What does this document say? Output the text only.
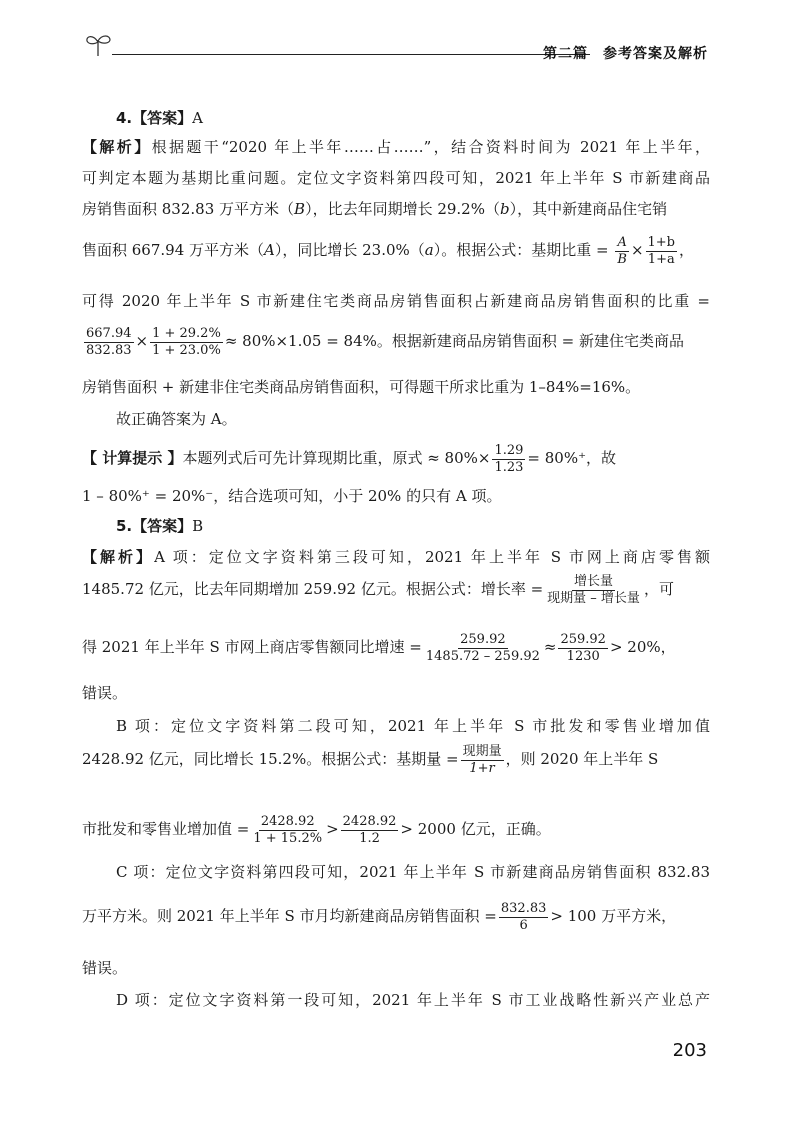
第二篇　参考答案及解析
4.【答案】A
【解析】根据题干“2020 年上半年……占……”，结合资料时间为 2021 年上半年，
可判定本题为基期比重问题。定位文字资料第四段可知，2021 年上半年 S 市新建商品
房销售面积 832.83 万平方米（B），比去年同期增长 29.2%（b），其中新建商品住宅销
售面积 667.94 万平方米（A），同比增长 23.0%（a）。根据公式：基期比重 = $\frac{A}{B} \times \frac{1+b}{1+a}$ ，
可得 2020 年上半年 S 市新建住宅类商品房销售面积占新建商品房销售面积的比重 =
$\frac{667.94}{832.83} \times \frac{1 + 29.2\%}{1 + 23.0\%} \approx 80\%\times 1.05 = 84\%$。根据新建商品房销售面积 = 新建住宅类商品
房销售面积 + 新建非住宅类商品房销售面积，可得题干所求比重为 1–84%=16%。
故正确答案为 A。
【 计算提示 】本题列式后可先计算现期比重，原式 ≈ $80\%\times \frac{1.29}{1.23} = 80\%^+$，故
1 – 80%⁺ = 20%⁻，结合选项可知，小于 20% 的只有 A 项。
5.【答案】B
【解析】A 项：定位文字资料第三段可知，2021 年上半年 S 市网上商店零售额
1485.72 亿元，比去年同期增加 259.92 亿元。根据公式：增长率 = $\frac{\text{增长量}}{\text{现期量 – 增长量}}$ ，可
得 2021 年上半年 S 市网上商店零售额同比增速 = $\frac{259.92}{1485.72 - 259.92} \approx \frac{259.92}{1230} > 20\%$，
错误。
B 项：定位文字资料第二段可知，2021 年上半年 S 市批发和零售业增加值
2428.92 亿元，同比增长 15.2%。根据公式：基期量 = $\frac{\text{现期量}}{1+r}$ ，则 2020 年上半年 S
市批发和零售业增加值 = $\frac{2428.92}{1 + 15.2\%} > \frac{2428.92}{1.2} > 2000$ 亿元，正确。
C 项：定位文字资料第四段可知，2021 年上半年 S 市新建商品房销售面积 832.83
万平方米。则 2021 年上半年 S 市月均新建商品房销售面积 = $\frac{832.83}{6} > 100$ 万平方米，
错误。
D 项：定位文字资料第一段可知，2021 年上半年 S 市工业战略性新兴产业总产
203
